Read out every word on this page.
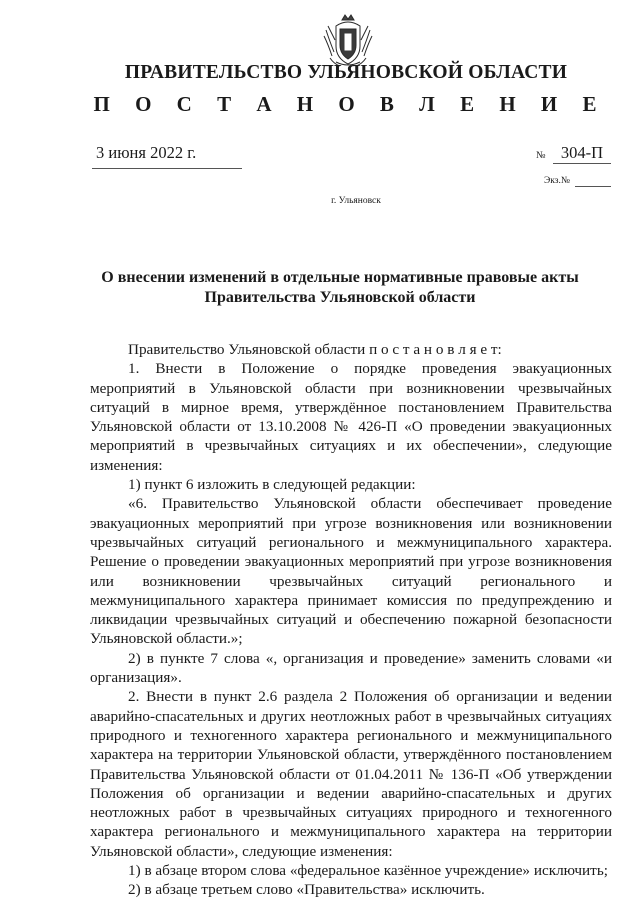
ПРАВИТЕЛЬСТВО УЛЬЯНОВСКОЙ ОБЛАСТИ
П О С Т А Н О В Л Е Н И Е
3 июня 2022 г.	№ 304-П
Экз.№
г. Ульяновск
О внесении изменений в отдельные нормативные правовые акты
Правительства Ульяновской области

Правительство Ульяновской области п о с т а н о в л я е т:

1. Внести в Положение о порядке проведения эвакуационных мероприятий в Ульяновской области при возникновении чрезвычайных ситуаций в мирное время, утверждённое постановлением Правительства Ульяновской области от 13.10.2008 № 426-П «О проведении эвакуационных мероприятий в чрезвычайных ситуациях и их обеспечении», следующие изменения:

1) пункт 6 изложить в следующей редакции:

«6. Правительство Ульяновской области обеспечивает проведение эвакуационных мероприятий при угрозе возникновения или возникновении чрезвычайных ситуаций регионального и межмуниципального характера. Решение о проведении эвакуационных мероприятий при угрозе возникновения или возникновении чрезвычайных ситуаций регионального и межмуниципального характера принимает комиссия по предупреждению и ликвидации чрезвычайных ситуаций и обеспечению пожарной безопасности Ульяновской области.»;

2) в пункте 7 слова «, организация и проведение» заменить словами «и организация».

2. Внести в пункт 2.6 раздела 2 Положения об организации и ведении аварийно-спасательных и других неотложных работ в чрезвычайных ситуациях природного и техногенного характера регионального и межмуниципального характера на территории Ульяновской области, утверждённого постановлением Правительства Ульяновской области от 01.04.2011 № 136-П «Об утверждении Положения об организации и ведении аварийно-спасательных и других неотложных работ в чрезвычайных ситуациях природного и техногенного характера регионального и межмуниципального характера на территории Ульяновской области», следующие изменения:

1) в абзаце втором слова «федеральное казённое учреждение» исключить;

2) в абзаце третьем слово «Правительства» исключить.
